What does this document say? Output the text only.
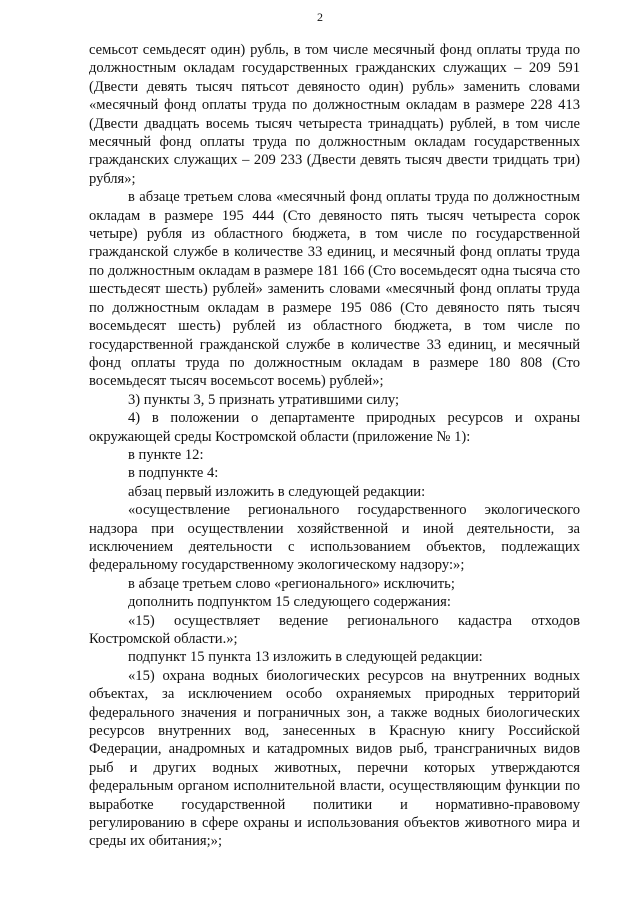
2

семьсот семьдесят один) рубль, в том числе месячный фонд оплаты труда по должностным окладам государственных гражданских служащих – 209 591 (Двести девять тысяч пятьсот девяносто один) рубль» заменить словами «месячный фонд оплаты труда по должностным окладам в размере 228 413 (Двести двадцать восемь тысяч четыреста тринадцать) рублей, в том числе месячный фонд оплаты труда по должностным окладам государственных гражданских служащих – 209 233 (Двести девять тысяч двести тридцать три) рубля»;

в абзаце третьем слова «месячный фонд оплаты труда по должностным окладам в размере 195 444 (Сто девяносто пять тысяч четыреста сорок четыре) рубля из областного бюджета, в том числе по государственной гражданской службе в количестве 33 единиц, и месячный фонд оплаты труда по должностным окладам в размере 181 166 (Сто восемьдесят одна тысяча сто шестьдесят шесть) рублей» заменить словами «месячный фонд оплаты труда по должностным окладам в размере 195 086 (Сто девяносто пять тысяч восемьдесят шесть) рублей из областного бюджета, в том числе по государственной гражданской службе в количестве 33 единиц, и месячный фонд оплаты труда по должностным окладам в размере 180 808 (Сто восемьдесят тысяч восемьсот восемь) рублей»;

3) пункты 3, 5 признать утратившими силу;

4) в положении о департаменте природных ресурсов и охраны окружающей среды Костромской области (приложение № 1):

в пункте 12:

в подпункте 4:

абзац первый изложить в следующей редакции:

«осуществление регионального государственного экологического надзора при осуществлении хозяйственной и иной деятельности, за исключением деятельности с использованием объектов, подлежащих федеральному государственному экологическому надзору:»;

в абзаце третьем слово «регионального» исключить;

дополнить подпунктом 15 следующего содержания:

«15) осуществляет ведение регионального кадастра отходов Костромской области.»;

подпункт 15 пункта 13 изложить в следующей редакции:

«15) охрана водных биологических ресурсов на внутренних водных объектах, за исключением особо охраняемых природных территорий федерального значения и пограничных зон, а также водных биологических ресурсов внутренних вод, занесенных в Красную книгу Российской Федерации, анадромных и катадромных видов рыб, трансграничных видов рыб и других водных животных, перечни которых утверждаются федеральным органом исполнительной власти, осуществляющим функции по выработке государственной политики и нормативно-правовому регулированию в сфере охраны и использования объектов животного мира и среды их обитания;»;
